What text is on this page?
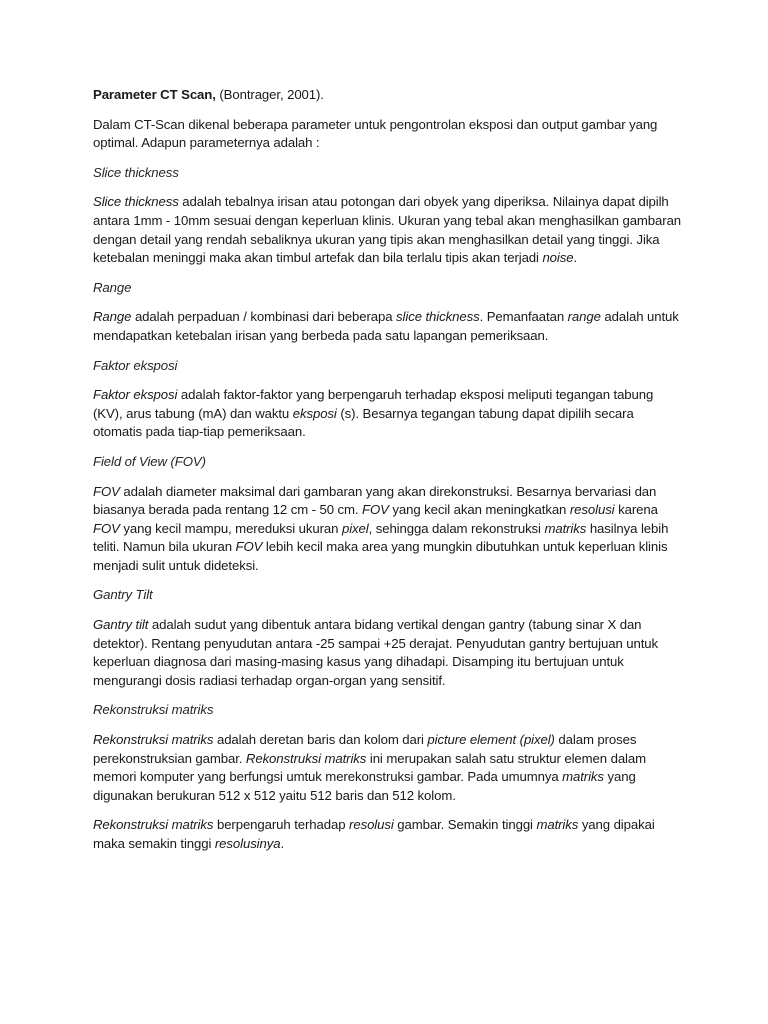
Parameter CT Scan, (Bontrager, 2001).

Dalam CT-Scan dikenal beberapa parameter untuk pengontrolan eksposi dan output gambar yang optimal. Adapun parameternya adalah :

Slice thickness

Slice thickness adalah tebalnya irisan atau potongan dari obyek yang diperiksa. Nilainya dapat dipilh antara 1mm - 10mm sesuai dengan keperluan klinis. Ukuran yang tebal akan menghasilkan gambaran dengan detail yang rendah sebaliknya ukuran yang tipis akan menghasilkan detail yang tinggi. Jika ketebalan meninggi maka akan timbul artefak dan bila terlalu tipis akan terjadi noise.

Range

Range adalah perpaduan / kombinasi dari beberapa slice thickness. Pemanfaatan range adalah untuk mendapatkan ketebalan irisan yang berbeda pada satu lapangan pemeriksaan.

Faktor eksposi

Faktor eksposi adalah faktor-faktor yang berpengaruh terhadap eksposi meliputi tegangan tabung (KV), arus tabung (mA) dan waktu eksposi (s). Besarnya tegangan tabung dapat dipilih secara otomatis pada tiap-tiap pemeriksaan.

Field of View (FOV)

FOV adalah diameter maksimal dari gambaran yang akan direkonstruksi. Besarnya bervariasi dan biasanya berada pada rentang 12 cm - 50 cm. FOV yang kecil akan meningkatkan resolusi karena FOV yang kecil mampu, mereduksi ukuran pixel, sehingga dalam rekonstruksi matriks hasilnya lebih teliti. Namun bila ukuran FOV lebih kecil maka area yang mungkin dibutuhkan untuk keperluan klinis menjadi sulit untuk dideteksi.

Gantry Tilt

Gantry tilt adalah sudut yang dibentuk antara bidang vertikal dengan gantry (tabung sinar X dan detektor). Rentang penyudutan antara -25 sampai +25 derajat. Penyudutan gantry bertujuan untuk keperluan diagnosa dari masing-masing kasus yang dihadapi. Disamping itu bertujuan untuk mengurangi dosis radiasi terhadap organ-organ yang sensitif.

Rekonstruksi matriks

Rekonstruksi matriks adalah deretan baris dan kolom dari picture element (pixel) dalam proses perekonstruksian gambar. Rekonstruksi matriks ini merupakan salah satu struktur elemen dalam memori komputer yang berfungsi umtuk merekonstruksi gambar. Pada umumnya matriks yang digunakan berukuran 512 x 512 yaitu 512 baris dan 512 kolom.

Rekonstruksi matriks berpengaruh terhadap resolusi gambar. Semakin tinggi matriks yang dipakai maka semakin tinggi resolusinya.
